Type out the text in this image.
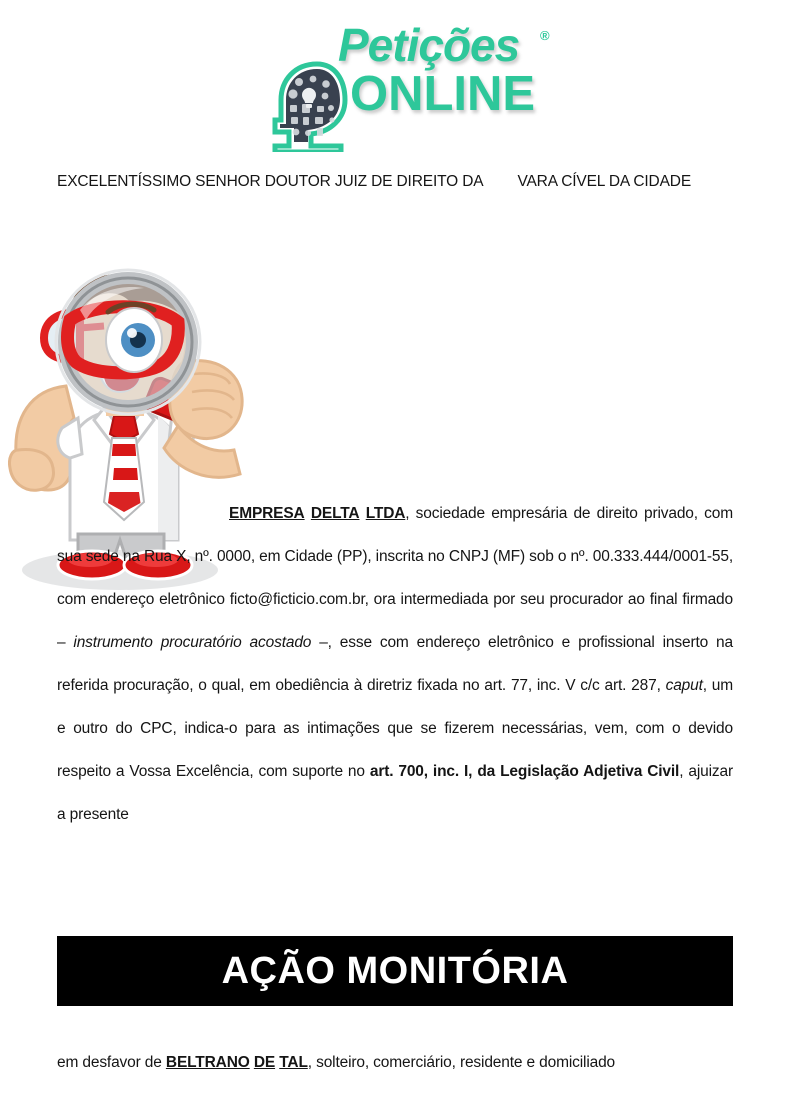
Petições ®
ONLINE
EXCELENTÍSSIMO SENHOR DOUTOR JUIZ DE DIREITO DA VARA CÍVEL DA CIDADE
EMPRESA DELTA LTDA, sociedade empresária de direito privado, com sua sede na Rua X, nº. 0000, em Cidade (PP), inscrita no CNPJ (MF) sob o nº. 00.333.444/0001-55, com endereço eletrônico ficto@ficticio.com.br, ora intermediada por seu procurador ao final firmado – instrumento procuratório acostado –, esse com endereço eletrônico e profissional inserto na referida procuração, o qual, em obediência à diretriz fixada no art. 77, inc. V c/c art. 287, caput, um e outro do CPC, indica-o para as intimações que se fizerem necessárias, vem, com o devido respeito a Vossa Excelência, com suporte no art. 700, inc. I, da Legislação Adjetiva Civil, ajuizar a presente
AÇÃO MONITÓRIA
em desfavor de BELTRANO DE TAL, solteiro, comerciário, residente e domiciliado
